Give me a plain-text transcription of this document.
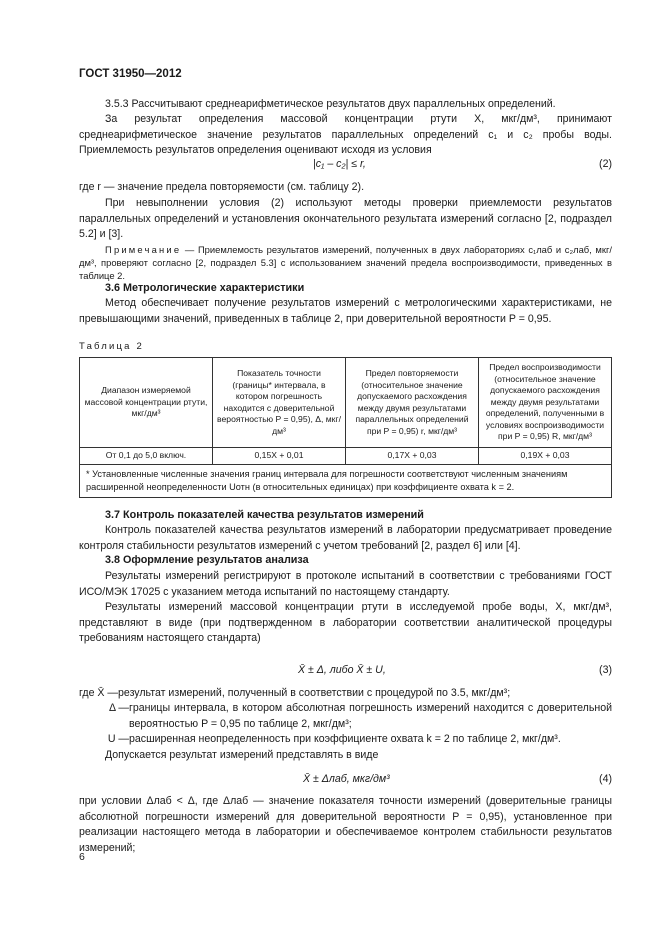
ГОСТ 31950—2012
3.5.3 Рассчитывают среднеарифметическое результатов двух параллельных определений.
За результат определения массовой концентрации ртути X, мкг/дм³, принимают среднеарифметическое значение результатов параллельных определений c₁ и c₂ пробы воды. Приемлемость результатов определения оценивают исходя из условия
|c₁ – c₂| ≤ r,	(2)
где r — значение предела повторяемости (см. таблицу 2).
При невыполнении условия (2) используют методы проверки приемлемости результатов параллельных определений и установления окончательного результата измерений согласно [2, подраздел 5.2] и [3].
Примечание — Приемлемость результатов измерений, полученных в двух лабораториях c₁лаб и c₂лаб, мкг/дм³, проверяют согласно [2, подраздел 5.3] с использованием значений предела воспроизводимости, приведенных в таблице 2.
3.6 Метрологические характеристики
Метод обеспечивает получение результатов измерений с метрологическими характеристиками, не превышающими значений, приведенных в таблице 2, при доверительной вероятности P = 0,95.
Таблица 2
Диапазон измеряемой массовой концентрации ртути, мкг/дм³	Показатель точности (границы* интервала, в котором погрешность находится с доверительной вероятностью P = 0,95), Δ, мкг/дм³	Предел повторяемости (относительное значение допускаемого расхождения между двумя результатами параллельных определений при P = 0,95) r, мкг/дм³	Предел воспроизводимости (относительное значение допускаемого расхождения между двумя результатами определений, полученными в условиях воспроизводимости при P = 0,95) R, мкг/дм³
От 0,1 до 5,0 включ.	0,15X + 0,01	0,17X + 0,03	0,19X + 0,03
* Установленные численные значения границ интервала для погрешности соответствуют численным значениям расширенной неопределенности Uотн (в относительных единицах) при коэффициенте охвата k = 2.			
3.7 Контроль показателей качества результатов измерений
Контроль показателей качества результатов измерений в лаборатории предусматривает проведение контроля стабильности результатов измерений с учетом требований [2, раздел 6] или [4].
3.8 Оформление результатов анализа
Результаты измерений регистрируют в протоколе испытаний в соответствии с требованиями ГОСТ ИСО/МЭК 17025 с указанием метода испытаний по настоящему стандарту.
Результаты измерений массовой концентрации ртути в исследуемой пробе воды, X, мкг/дм³, представляют в виде (при подтвержденном в лаборатории соответствии аналитической процедуры требованиям настоящего стандарта)
X̄ ± Δ, либо X̄ ± U,	(3)
где X̄ — результат измерений, полученный в соответствии с процедурой по 3.5, мкг/дм³;
Δ — границы интервала, в котором абсолютная погрешность измерений находится с доверительной вероятностью P = 0,95 по таблице 2, мкг/дм³;
U — расширенная неопределенность при коэффициенте охвата k = 2 по таблице 2, мкг/дм³.
Допускается результат измерений представлять в виде
X̄ ± Δлаб, мкг/дм³	(4)
при условии Δлаб < Δ, где Δлаб — значение показателя точности измерений (доверительные границы абсолютной погрешности измерений для доверительной вероятности P = 0,95), установленное при реализации настоящего метода в лаборатории и обеспечиваемое контролем стабильности результатов измерений;
6
